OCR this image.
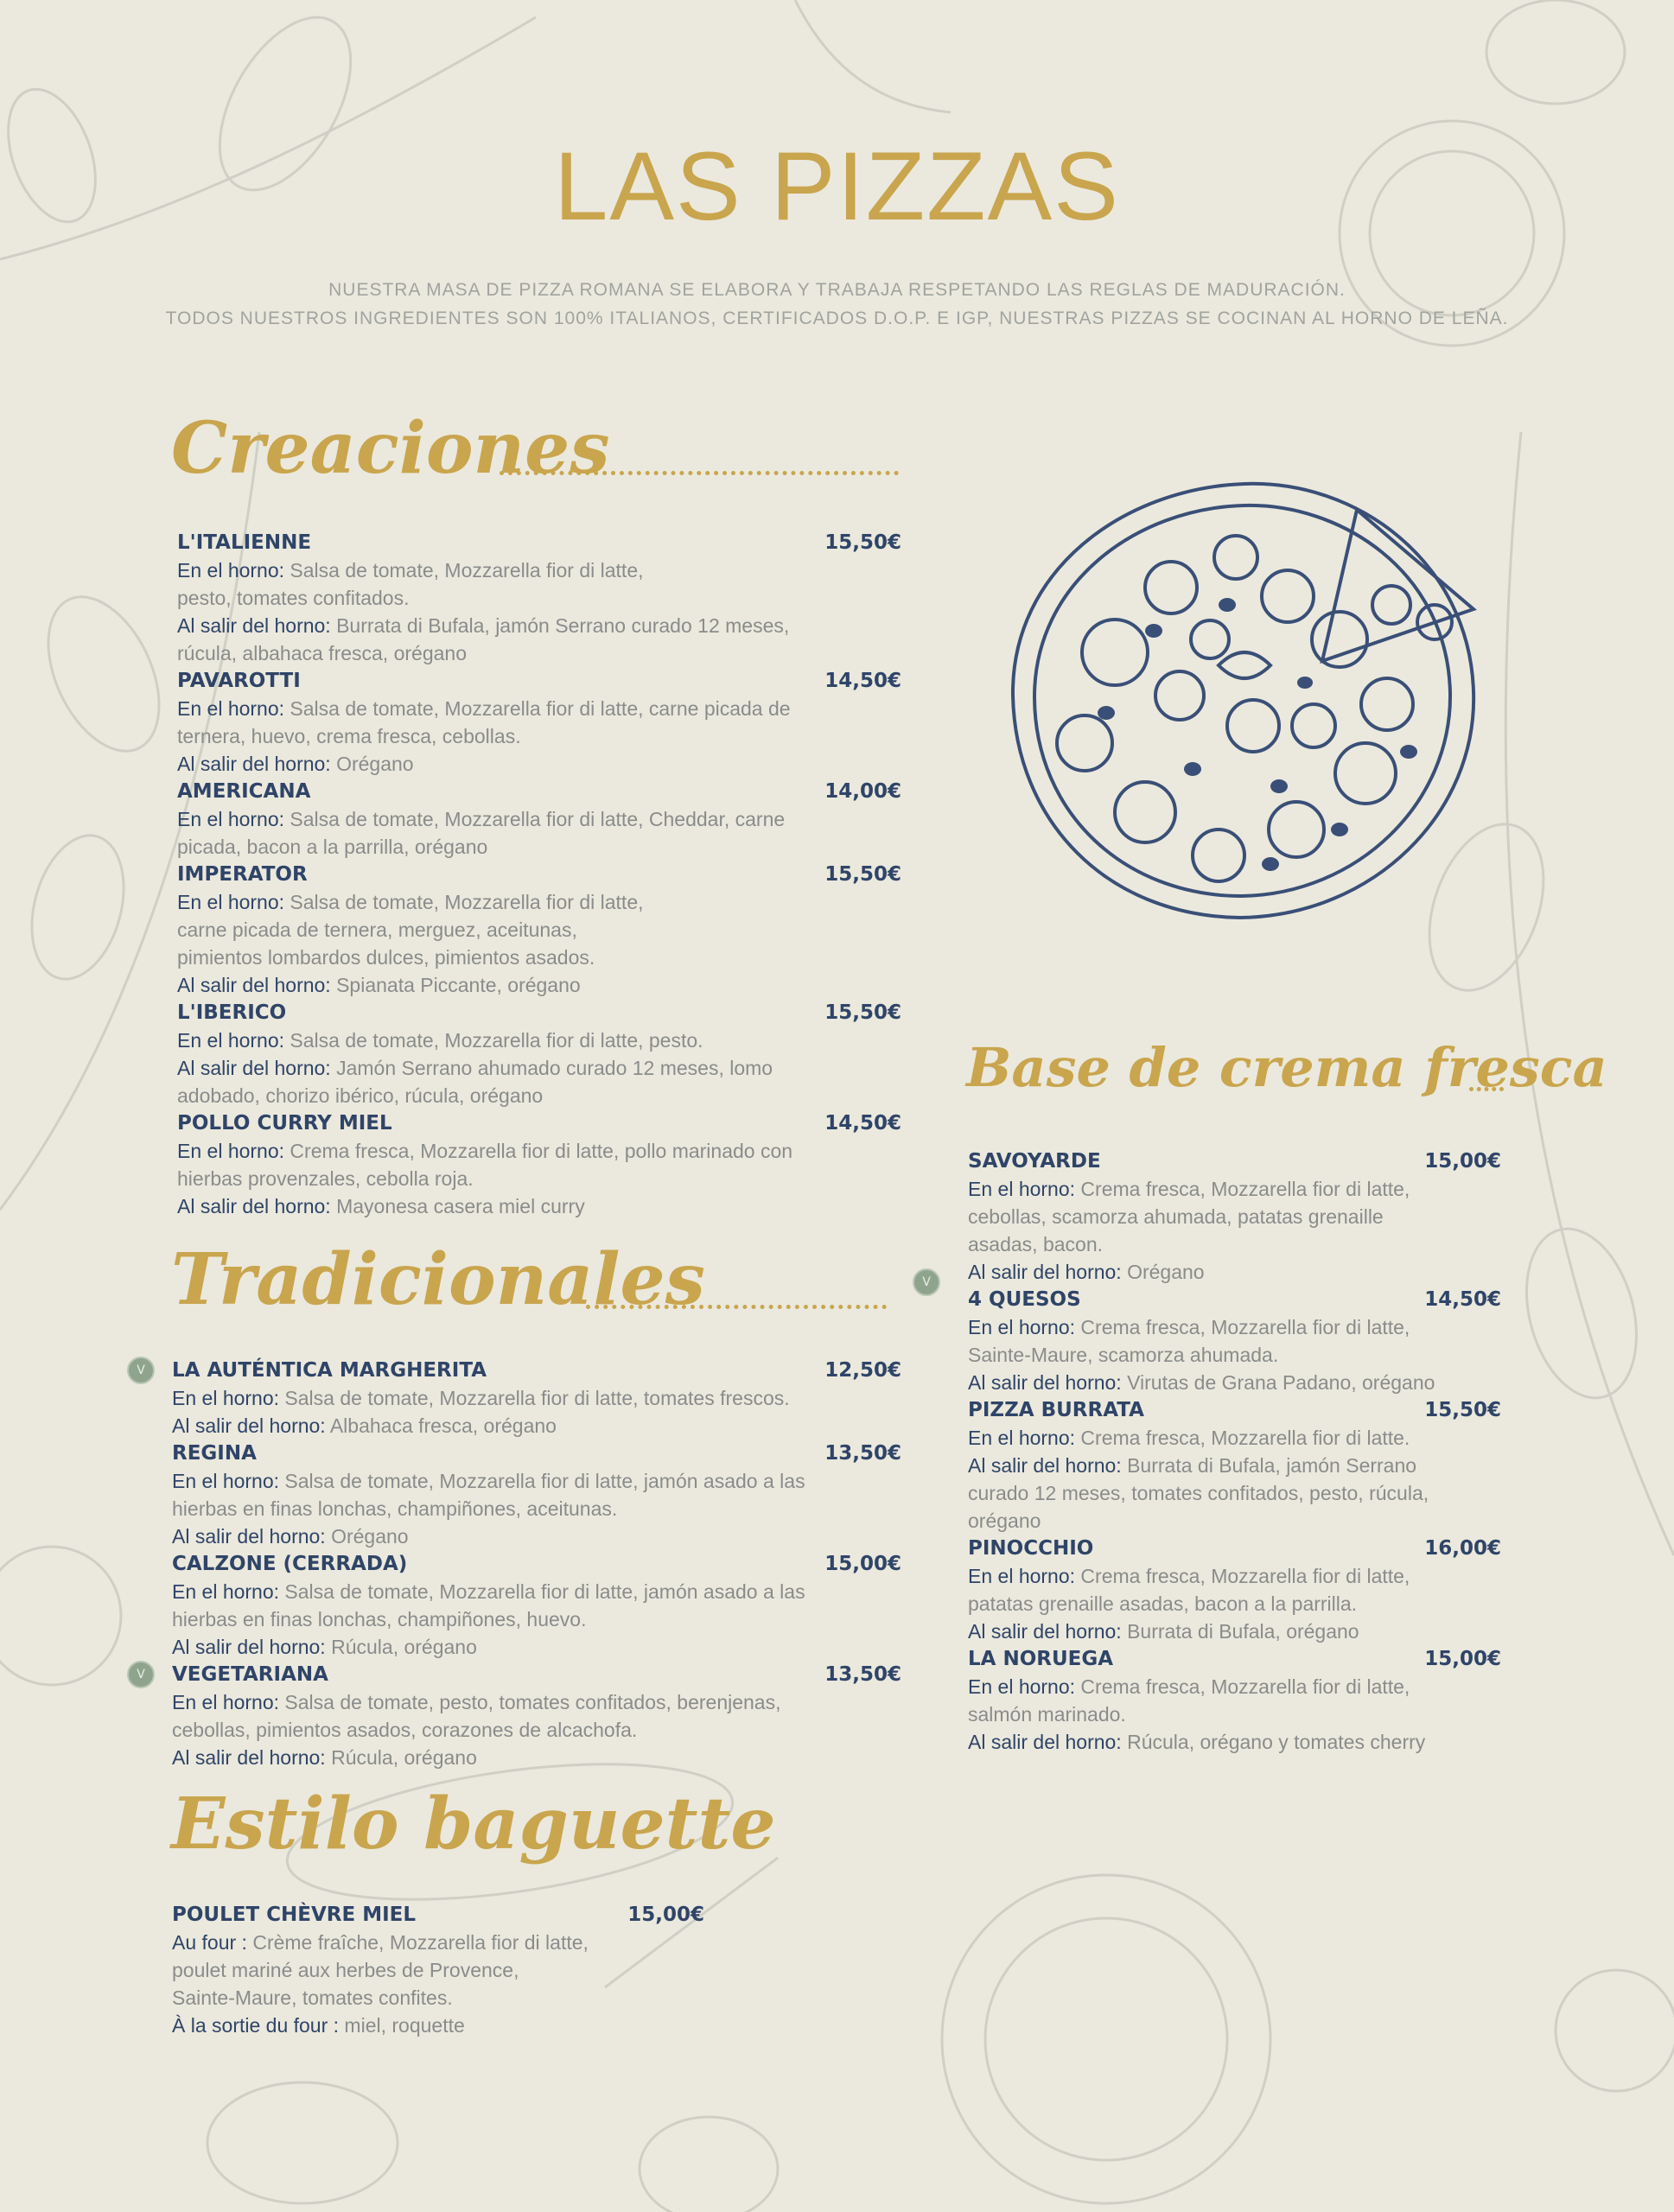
LAS PIZZAS
NUESTRA MASA DE PIZZA ROMANA SE ELABORA Y TRABAJA RESPETANDO LAS REGLAS DE MADURACIÓN.
TODOS NUESTROS INGREDIENTES SON 100% ITALIANOS, CERTIFICADOS D.O.P. E IGP, NUESTRAS PIZZAS SE COCINAN AL HORNO DE LEÑA.
Creaciones
Tradicionales
Estilo baguette
Base de crema fresca
L'ITALIENNE	15,50€
En el horno: Salsa de tomate, Mozzarella fior di latte,
pesto, tomates confitados.
Al salir del horno: Burrata di Bufala, jamón Serrano curado 12 meses,
rúcula, albahaca fresca, orégano
PAVAROTTI	14,50€
En el horno: Salsa de tomate, Mozzarella fior di latte, carne picada de
ternera, huevo, crema fresca, cebollas.
Al salir del horno: Orégano
AMERICANA	14,00€
En el horno: Salsa de tomate, Mozzarella fior di latte, Cheddar, carne
picada, bacon a la parrilla, orégano
IMPERATOR	15,50€
En el horno: Salsa de tomate, Mozzarella fior di latte,
carne picada de ternera, merguez, aceitunas,
pimientos lombardos dulces, pimientos asados.
Al salir del horno: Spianata Piccante, orégano
L'IBERICO	15,50€
En el horno: Salsa de tomate, Mozzarella fior di latte, pesto.
Al salir del horno: Jamón Serrano ahumado curado 12 meses, lomo
adobado, chorizo ibérico, rúcula, orégano
POLLO CURRY MIEL	14,50€
En el horno: Crema fresca, Mozzarella fior di latte, pollo marinado con
hierbas provenzales, cebolla roja.
Al salir del horno: Mayonesa casera miel curry
V
LA AUTÉNTICA MARGHERITA	12,50€
En el horno: Salsa de tomate, Mozzarella fior di latte, tomates frescos.
Al salir del horno: Albahaca fresca, orégano
REGINA	13,50€
En el horno: Salsa de tomate, Mozzarella fior di latte, jamón asado a las
hierbas en finas lonchas, champiñones, aceitunas.
Al salir del horno: Orégano
CALZONE (CERRADA)	15,00€
En el horno: Salsa de tomate, Mozzarella fior di latte, jamón asado a las
hierbas en finas lonchas, champiñones, huevo.
Al salir del horno: Rúcula, orégano
V
VEGETARIANA	13,50€
En el horno: Salsa de tomate, pesto, tomates confitados, berenjenas,
cebollas, pimientos asados, corazones de alcachofa.
Al salir del horno: Rúcula, orégano
POULET CHÈVRE MIEL	15,00€
Au four : Crème fraîche, Mozzarella fior di latte,
poulet mariné aux herbes de Provence,
Sainte-Maure, tomates confites.
À la sortie du four : miel, roquette
SAVOYARDE	15,00€
En el horno: Crema fresca, Mozzarella fior di latte,
cebollas, scamorza ahumada, patatas grenaille
asadas, bacon.
Al salir del horno: Orégano
V
4 QUESOS	14,50€
En el horno: Crema fresca, Mozzarella fior di latte,
Sainte-Maure, scamorza ahumada.
Al salir del horno: Virutas de Grana Padano, orégano
PIZZA BURRATA	15,50€
En el horno: Crema fresca, Mozzarella fior di latte.
Al salir del horno: Burrata di Bufala, jamón Serrano
curado 12 meses, tomates confitados, pesto, rúcula,
orégano
PINOCCHIO	16,00€
En el horno: Crema fresca, Mozzarella fior di latte,
patatas grenaille asadas, bacon a la parrilla.
Al salir del horno: Burrata di Bufala, orégano
LA NORUEGA	15,00€
En el horno: Crema fresca, Mozzarella fior di latte,
salmón marinado.
Al salir del horno: Rúcula, orégano y tomates cherry
